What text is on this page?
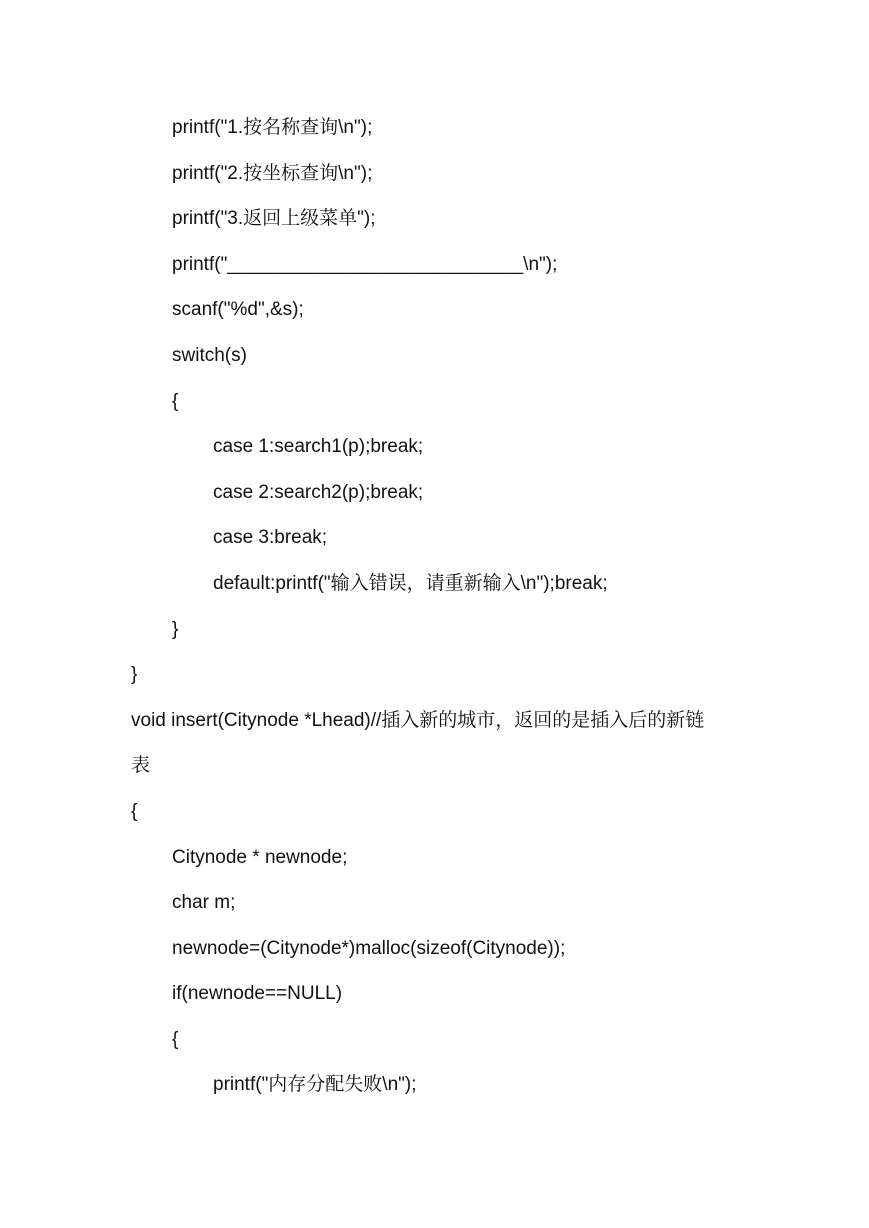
printf("1.按名称查询\n");
printf("2.按坐标查询\n");
printf("3.返回上级菜单");
printf("____________________________\n");
scanf("%d",&s);
switch(s)
{
case 1:search1(p);break;
case 2:search2(p);break;
case 3:break;
default:printf("输入错误，请重新输入\n");break;
}
}
void insert(Citynode *Lhead)//插入新的城市，返回的是插入后的新链
表
{
Citynode * newnode;
char m;
newnode=(Citynode*)malloc(sizeof(Citynode));
if(newnode==NULL)
{
printf("内存分配失败\n");
